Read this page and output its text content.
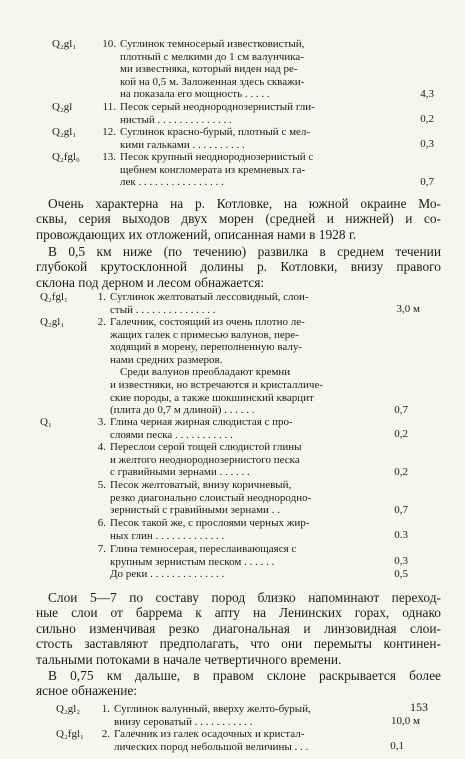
Q₂gl₁	10. Суглинок темносерый известковистый,
плотный с мелкими до 1 см валунчика-
ми известняка, который виден над ре-
кой на 0,5 м. Заложенная здесь скважи-
на показала его мощность . . . . .	4,3
Q₂gl	11. Песок серый неоднороднозернистый гли-
нистый . . . . . . . . . . . . . .	0,2
Q₂gl₁	12. Суглинок красно-бурый, плотный с мел-
кими гальками . . . . . . . . . .	0,3
Q₂fgl₀	13. Песок крупный неоднороднозернистый с
щебнем конгломерата из кремневых га-
лек . . . . . . . . . . . . . . . .	0,7
Очень характерна на р. Котловке, на южной окраине Мо-
сквы, серия выходов двух морен (средней и нижней) и со-
провождающих их отложений, описанная нами в 1928 г.
В 0,5 км ниже (по течению) развилка в среднем течении
глубокой крутосклонной долины р. Котловки, внизу правого
склона под дерном и лесом обнажается:
Q₂fgl₁	1. Суглинок желтоватый лессовидный, слои-
стый . . . . . . . . . . . . . . .	3,0 м
Q₂gl₁	2. Галечник, состоящий из очень плотно ле-
жащих галек с примесью валунов, пере-
ходящий в морену, переполненную валу-
нами средних размеров.
Среди валунов преобладают кремни
и известняки, но встречаются и кристалличе-
ские породы, а также шокшинский кварцит
(плита до 0,7 м длиной) . . . . . .	0,7
Q₁	3. Глина черная жирная слюдистая с про-
слоями песка . . . . . . . . . . .	0,2
4. Переслои серой тощей слюдистой глины
и желтого неоднороднозернистого песка
с гравийными зернами . . . . . .	0,2
5. Песок желтоватый, внизу коричневый,
резко диагонально слоистый неоднородно-
зернистый с гравийными зернами . .	0,7
6. Песок такой же, с прослоями черных жир-
ных глин . . . . . . . . . . . . .	0.3
7. Глина темносерая, переслаивающаяся с
крупным зернистым песком . . . . . .	0,3
До реки . . . . . . . . . . . . . .	0,5
Слои 5—7 по составу пород близко напоминают переход-
ные слои от баррема к апту на Ленинских горах, однако
сильно изменчивая резко диагональная и линзовидная слои-
стость заставляют предполагать, что они перемыты континен-
тальными потоками в начале четвертичного времени.
В 0,75 км дальше, в правом склоне раскрывается более
ясное обнажение:
Q₂gl₂	1. Суглинок валунный, вверху желто-бурый,
внизу сероватый . . . . . . . . . . .	10,0 м
Q₂fgl₁	2. Галечник из галек осадочных и кристал-
лических пород небольшой величины . . .	0,1
153
